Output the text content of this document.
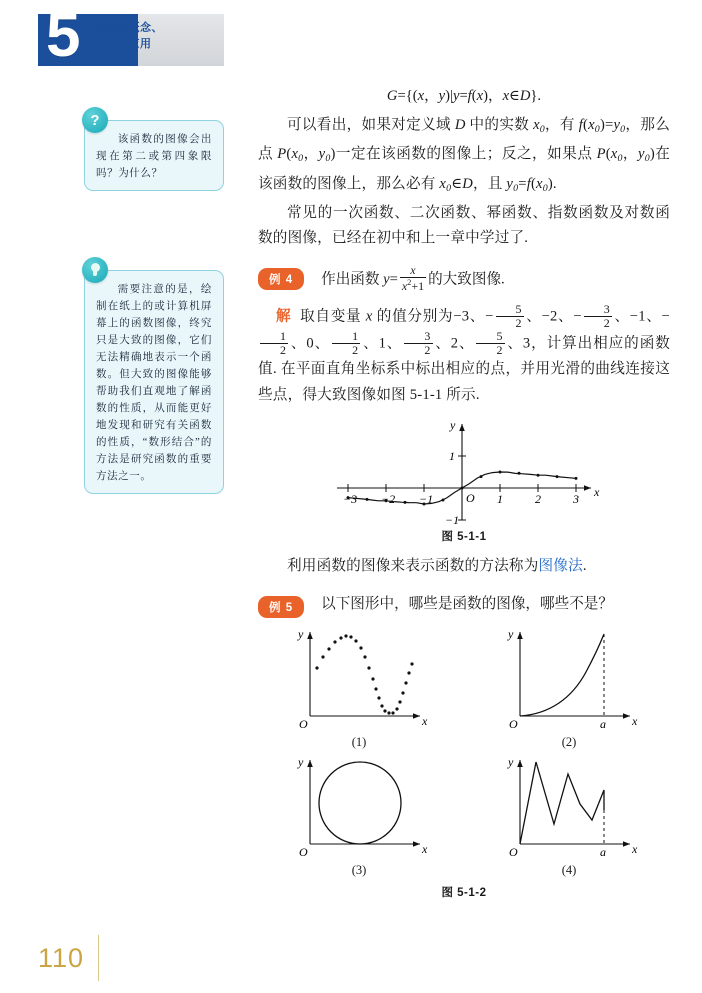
5 函数的概念、
性质及应用
?
该函数的图像会出现在第二或第四象限吗？为什么？
需要注意的是，绘制在纸上的或计算机屏幕上的函数图像，终究只是大致的图像，它们无法精确地表示一个函数。但大致的图像能够帮助我们直观地了解函数的性质，从而能更好地发现和研究有关函数的性质，“数形结合”的方法是研究函数的重要方法之一。
G={(x，y)|y=f(x)，x∈D}.

可以看出，如果对定义域 D 中的实数 $x_0$，有 $f(x_0)=y_0$，那么点 $P(x_0$，$y_0$)一定在该函数的图像上；反之，如果点 $P(x_0$，$y_0$)在该函数的图像上，那么必有 $x_0\in D$，且 $y_0=f(x_0)$.

常见的一次函数、二次函数、幂函数、指数函数及对数函数的图像，已经在初中和上一章中学过了.

例 4	作出函数 $y= \frac{x}{x^2+1}$ 的大致图像.

解  取自变量 x 的值分别为−3、− $\frac{5}{2}$ 、−2、− $\frac{3}{2}$ 、−1、−
$\frac{1}{2}$ 、0、 $\frac{1}{2}$ 、1、 $\frac{3}{2}$ 、2、 $\frac{5}{2}$ 、3，计算出相应的函数值. 在平面直角坐标系中标出相应的点，并用光滑的曲线连接这些点，得大致图像如图 5-1-1 所示.

−3 −2 −1	1	2	3
1
−1
O	x
y
图 5-1-1

利用函数的图像来表示函数的方法称为图像法.

例 5	以下图形中，哪些是函数的图像，哪些不是？
O	x
y
(1)
O	a x
y
(2)
O	x
y
(3)
O	a x
y
(4)
图 5-1-2
110
